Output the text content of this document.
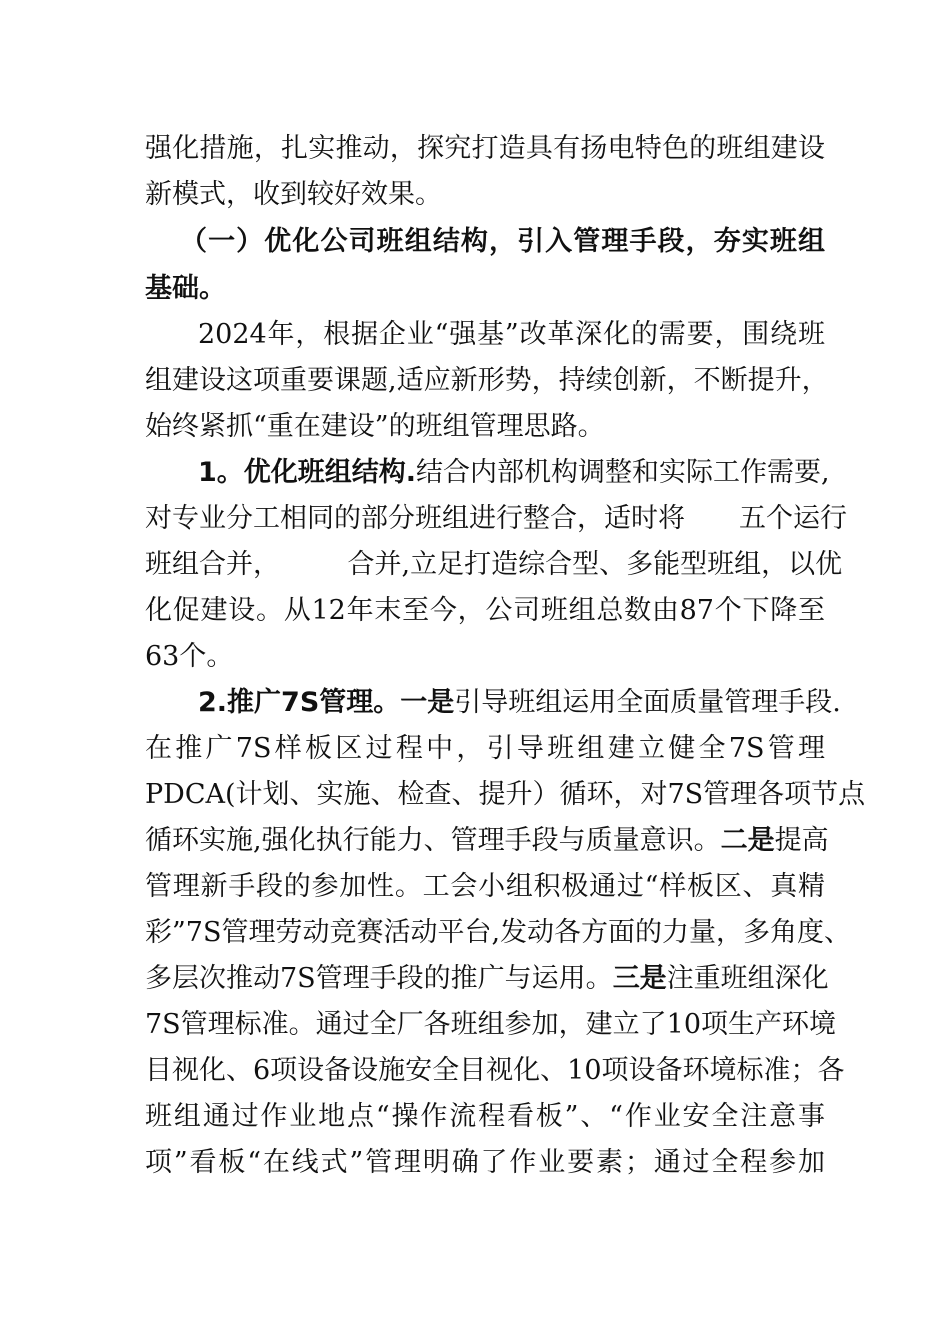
强化措施，扎实推动，探究打造具有扬电特色的班组建设
新模式，收到较好效果。
（一）优化公司班组结构，引入管理手段，夯实班组
基础。
2024年，根据企业“强基”改革深化的需要，围绕班
组建设这项重要课题,适应新形势，持续创新，不断提升，
始终紧抓“重在建设”的班组管理思路。
1。优化班组结构.结合内部机构调整和实际工作需要,
对专业分工相同的部分班组进行整合，适时将　　五个运行
班组合并，　　　合并,立足打造综合型、多能型班组，以优
化促建设。从12年末至今，公司班组总数由87个下降至
63个。
2.推广7S管理。一是引导班组运用全面质量管理手段.
在推广7S样板区过程中，引导班组建立健全7S管理
PDCA(计划、实施、检查、提升）循环，对7S管理各项节点
循环实施,强化执行能力、管理手段与质量意识。二是提高
管理新手段的参加性。工会小组积极通过“样板区、真精
彩”7S管理劳动竞赛活动平台,发动各方面的力量，多角度、
多层次推动7S管理手段的推广与运用。三是注重班组深化
7S管理标准。通过全厂各班组参加，建立了10项生产环境
目视化、6项设备设施安全目视化、10项设备环境标准；各
班组通过作业地点“操作流程看板”、“作业安全注意事
项”看板“在线式”管理明确了作业要素；通过全程参加
